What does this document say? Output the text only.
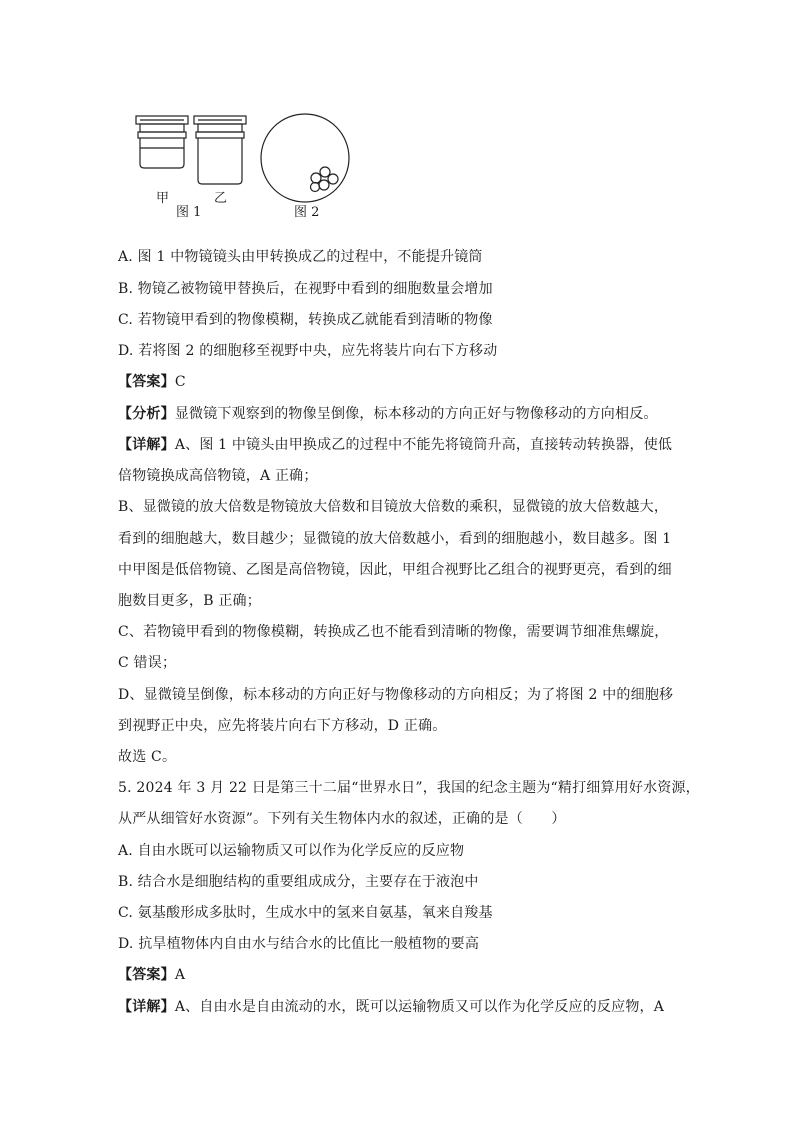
甲	乙
图 1	图 2
A. 图 1 中物镜镜头由甲转换成乙的过程中，不能提升镜筒
B. 物镜乙被物镜甲替换后，在视野中看到的细胞数量会增加
C. 若物镜甲看到的物像模糊，转换成乙就能看到清晰的物像
D. 若将图 2 的细胞移至视野中央，应先将装片向右下方移动
【答案】C
【分析】显微镜下观察到的物像呈倒像，标本移动的方向正好与物像移动的方向相反。
【详解】A、图 1 中镜头由甲换成乙的过程中不能先将镜筒升高，直接转动转换器，使低
倍物镜换成高倍物镜，A 正确；
B、显微镜的放大倍数是物镜放大倍数和目镜放大倍数的乘积，显微镜的放大倍数越大，
看到的细胞越大，数目越少；显微镜的放大倍数越小，看到的细胞越小，数目越多。图 1
中甲图是低倍物镜、乙图是高倍物镜，因此，甲组合视野比乙组合的视野更亮，看到的细
胞数目更多，B 正确；
C、若物镜甲看到的物像模糊，转换成乙也不能看到清晰的物像，需要调节细准焦螺旋，
C 错误；
D、显微镜呈倒像，标本移动的方向正好与物像移动的方向相反；为了将图 2 中的细胞移
到视野正中央，应先将装片向右下方移动，D 正确。
故选 C。
5. 2024 年 3 月 22 日是第三十二届“世界水日”，我国的纪念主题为“精打细算用好水资源，
从严从细管好水资源”。下列有关生物体内水的叙述，正确的是（　　）
A. 自由水既可以运输物质又可以作为化学反应的反应物
B. 结合水是细胞结构的重要组成成分，主要存在于液泡中
C. 氨基酸形成多肽时，生成水中的氢来自氨基，氧来自羧基
D. 抗旱植物体内自由水与结合水的比值比一般植物的要高
【答案】A
【详解】A、自由水是自由流动的水，既可以运输物质又可以作为化学反应的反应物，A
